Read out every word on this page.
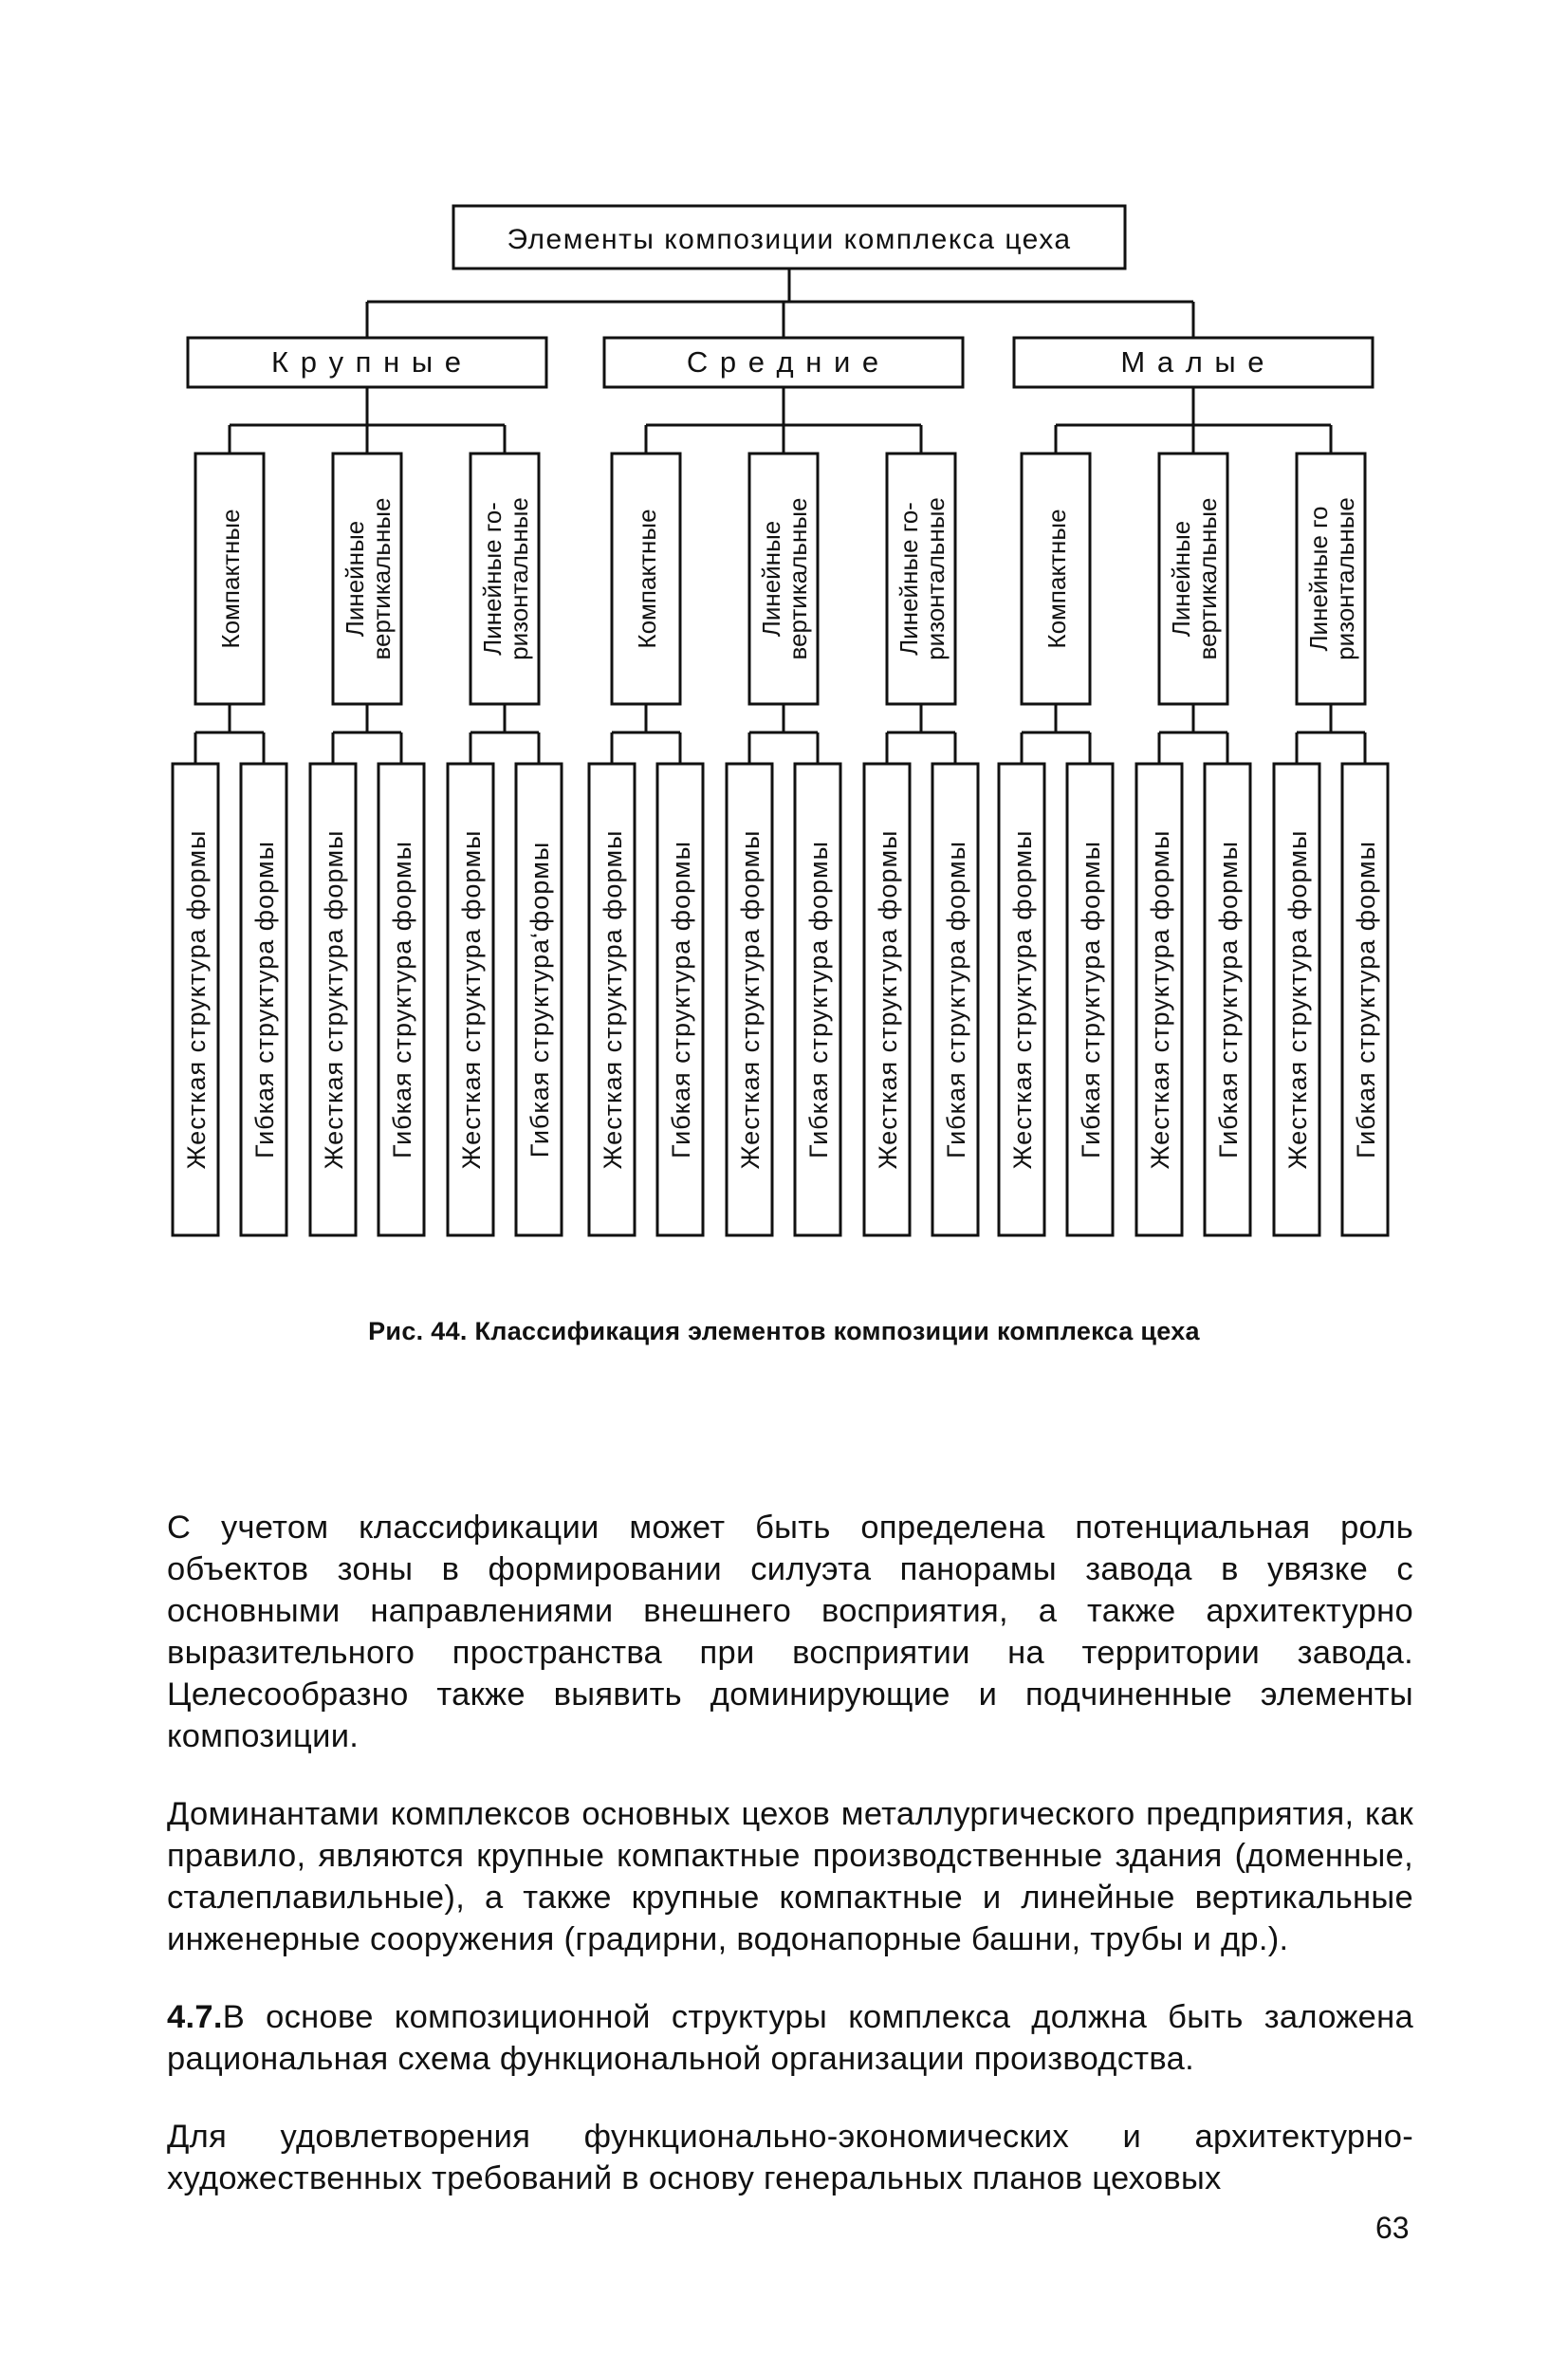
Элементы композиции комплекса цеха
К р у п н ы е
Компактные
Жесткая структура формы Гибкая структура формы
Линейные
вертикальные
Жесткая структура формы Гибкая структура формы
Линейные го-
ризонтальные
Жесткая структура формы Гибкая структура‘формы
С р е д н и е
Компактные
Жесткая структура формы Гибкая структура формы
Линейные
вертикальные
Жесткая структура формы Гибкая структура формы
Линейные го-
ризонтальные
Жесткая структура формы Гибкая структура формы
М а л ы е
Компактные
Жесткая структура формы Гибкая структура формы
Линейные
вертикальные
Жесткая структура формы Гибкая структура формы
Линейные го
ризонтальные
Жесткая структура формы Гибкая структура формы
Рис. 44. Классификация элементов композиции комплекса цеха

С учетом классификации может быть определена потенциальная роль объектов зоны в формировании силуэта панорамы завода в увязке с основными направлениями внешнего восприятия, а также архитектурно выразительного пространства при восприятии на территории завода. Целесообразно также выявить доминирующие и подчиненные элементы композиции.

Доминантами комплексов основных цехов металлургического предприятия, как правило, являются крупные компактные производственные здания (доменные, сталеплавильные), а также крупные компактные и линейные вертикальные инженерные сооружения (градирни, водонапорные башни, трубы и др.).

4.7.В основе композиционной структуры комплекса должна быть заложена рациональная схема функциональной организации производства.

Для удовлетворения функционально-экономических и архитектурно-художественных требований в основу генеральных планов цеховых

63
